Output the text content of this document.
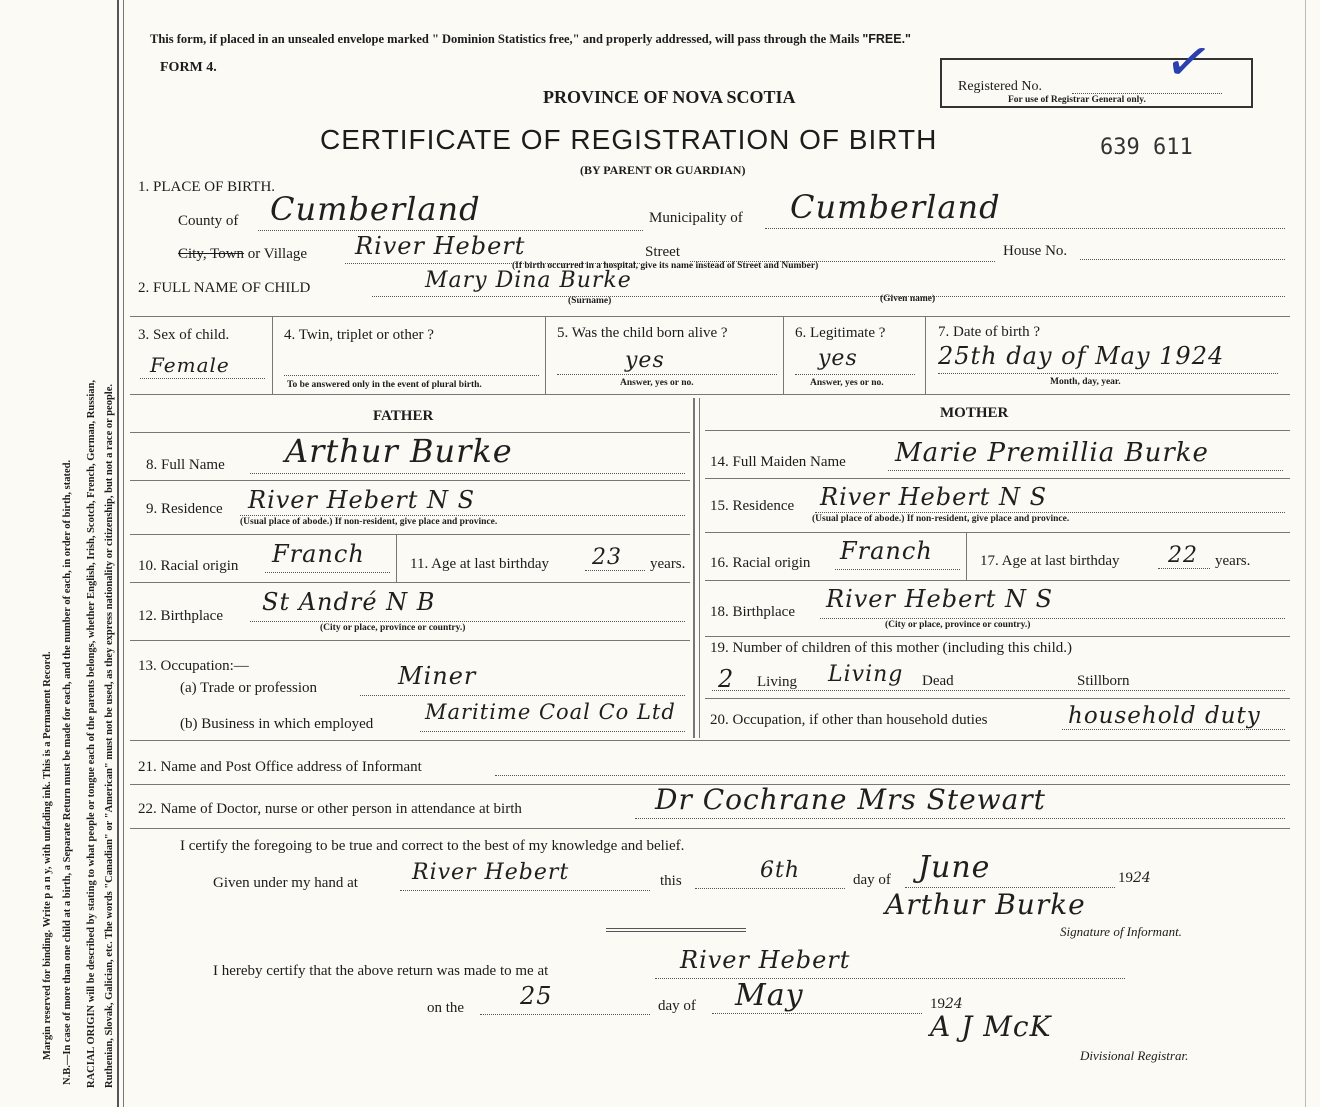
Margin reserved for binding. Write p a n y, with unfading ink. This is a Permanent Record. N.B.—In case of more than one child at a birth, a Separate Return must be made for each, and the number of each, in order of birth, stated. RACIAL ORIGIN will be described by stating to what people or tongue each of the parents belongs, whether English, Irish, Scotch, French, German, Russian, Ruthenian, Slovak, Galician, etc. The words "Canadian" or "American" must not be used, as they express nationality or citizenship, but not a race or people.
This form, if placed in an unsealed envelope marked " Dominion Statistics free," and properly addressed, will pass through the Mails "FREE."
FORM 4.
PROVINCE OF NOVA SCOTIA
CERTIFICATE OF REGISTRATION OF BIRTH
(BY PARENT OR GUARDIAN)
Registered No.
For use of Registrar General only.
✓
639 611
1. PLACE OF BIRTH.
County of Cumberland	Municipality of Cumberland
City, Town or Village River Hebert	Street	House No.
(If birth occurred in a hospital, give its name instead of Street and Number)
2. FULL NAME OF CHILD	Mary Dina Burke
(Surname)	(Given name)
3. Sex of child.
Female
4. Twin, triplet or other ?
To be answered only in the event of plural birth.
5. Was the child born alive ?
yes
Answer, yes or no.
6. Legitimate ?
yes
Answer, yes or no.
7. Date of birth ?
25th day of May 1924
Month, day, year.
FATHER
8. Full Name Arthur Burke
9. Residence River Hebert N S
(Usual place of abode.) If non-resident, give place and province.
10. Racial origin Franch	11. Age at last birthday 23 years.
12. Birthplace St André N B
(City or place, province or country.)
13. Occupation:—
(a) Trade or profession	Miner
(b) Business in which employed Maritime Coal Co Ltd
MOTHER
14. Full Maiden Name Marie Premillia Burke
15. Residence River Hebert N S
(Usual place of abode.) If non-resident, give place and province.
16. Racial origin Franch	17. Age at last birthday 22 years.
18. Birthplace River Hebert N S
(City or place, province or country.)
19. Number of children of this mother (including this child.)
2 Living Living Dead	Stillborn
20. Occupation, if other than household duties	household duty
21. Name and Post Office address of Informant
22. Name of Doctor, nurse or other person in attendance at birth	Dr Cochrane Mrs Stewart
I certify the foregoing to be true and correct to the best of my knowledge and belief.
Given under my hand at River Hebert	this	6th	day of June	1924
Arthur Burke
Signature of Informant.
I hereby certify that the above return was made to me at	River Hebert
on the 25	day of May	1924
A J McK
Divisional Registrar.
